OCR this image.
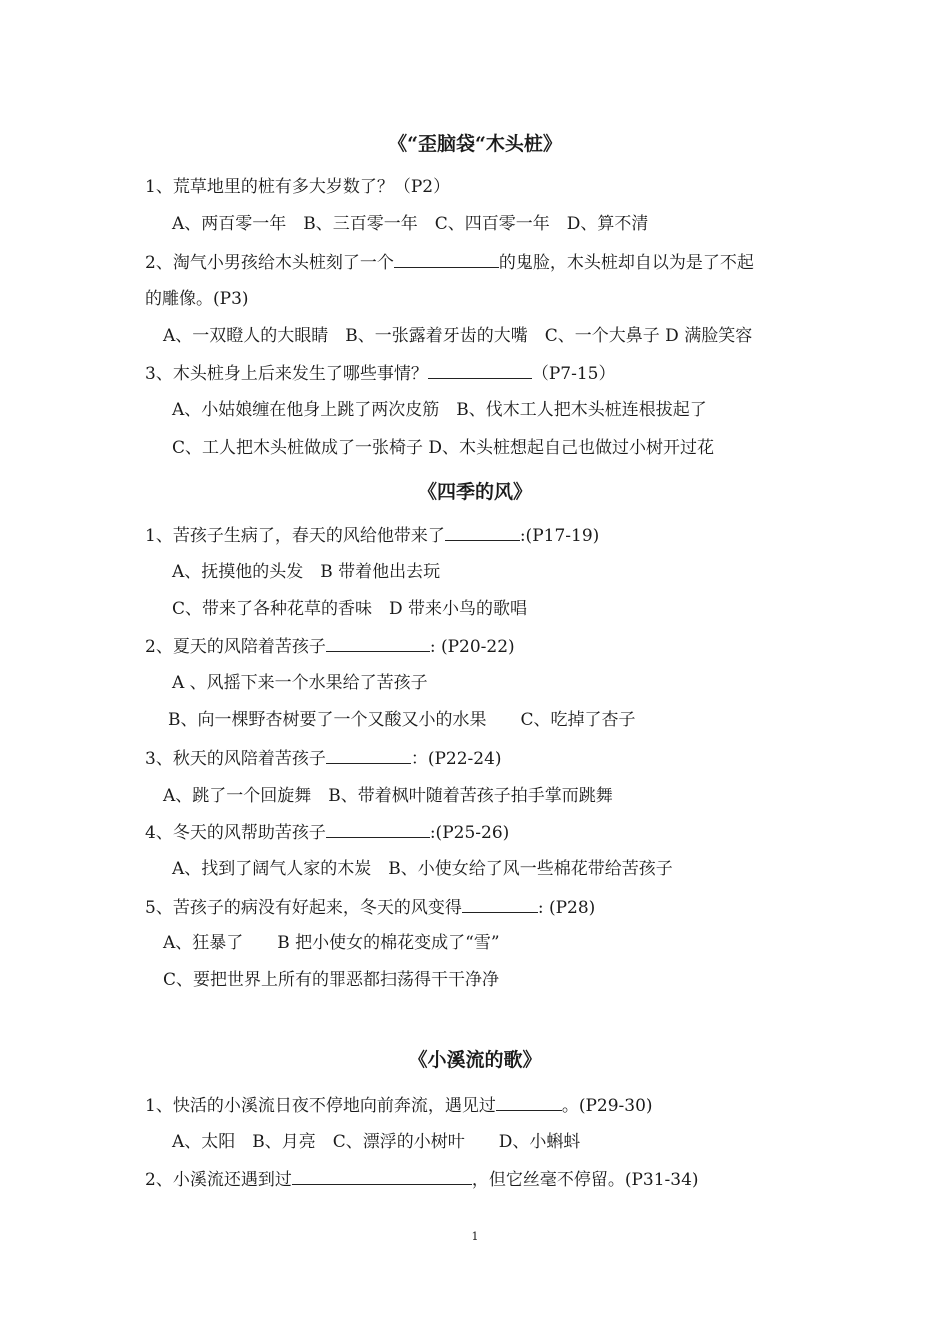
《“歪脑袋“木头桩》
1、荒草地里的桩有多大岁数了？（P2）
A、两百零一年　B、三百零一年　C、四百零一年　D、算不清
2、淘气小男孩给木头桩刻了一个	的鬼脸，木头桩却自以为是了不起
的雕像。(P3)
A、一双瞪人的大眼睛　B、一张露着牙齿的大嘴　C、一个大鼻子 D 满脸笑容
3、木头桩身上后来发生了哪些事情？	（P7-15）
A、小姑娘缠在他身上跳了两次皮筋　B、伐木工人把木头桩连根拔起了
C、工人把木头桩做成了一张椅子 D、木头桩想起自己也做过小树开过花
《四季的风》
1、苦孩子生病了，春天的风给他带来了	:(P17-19)
A、抚摸他的头发　B 带着他出去玩
C、带来了各种花草的香味　D 带来小鸟的歌唱
2、夏天的风陪着苦孩子	: (P20-22)
A 、风摇下来一个水果给了苦孩子
B、向一棵野杏树要了一个又酸又小的水果　　C、吃掉了杏子
3、秋天的风陪着苦孩子	：(P22-24)
A、跳了一个回旋舞　B、带着枫叶随着苦孩子拍手掌而跳舞
4、冬天的风帮助苦孩子	:(P25-26)
A、找到了阔气人家的木炭　B、小使女给了风一些棉花带给苦孩子
5、苦孩子的病没有好起来，冬天的风变得	: (P28)
A、狂暴了　　B 把小使女的棉花变成了“雪”
C、要把世界上所有的罪恶都扫荡得干干净净
《小溪流的歌》
1、快活的小溪流日夜不停地向前奔流，遇见过	。(P29-30)
A、太阳　B、月亮　C、漂浮的小树叶　　D、小蝌蚪
2、小溪流还遇到过	，但它丝毫不停留。(P31-34)
1
